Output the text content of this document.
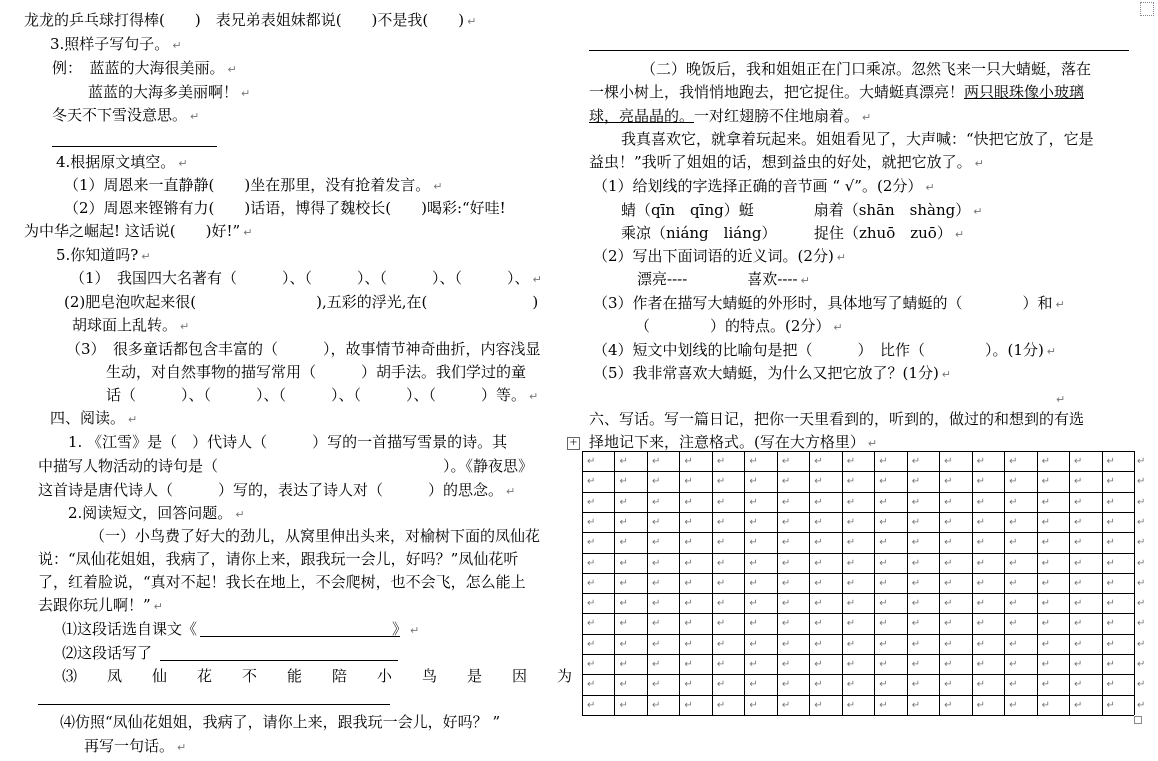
龙龙的乒乓球打得棒(　　)　表兄弟表姐妹都说(　　)不是我(　　) ↵
3.照样子写句子。 ↵
例：　蓝蓝的大海很美丽。 ↵
蓝蓝的大海多美丽啊！ ↵
冬天不下雪没意思。 ↵
4.根据原文填空。 ↵
（1）周恩来一直静静(　　)坐在那里，没有抢着发言。 ↵
（2）周恩来铿锵有力(　　)话语，博得了魏校长(　　)喝彩:“好哇!
为中华之崛起! 这话说(　　)好!” ↵
5.你知道吗? ↵
（1）　我国四大名著有（　　　）、（　　　）、（　　　）、（　　　）、 ↵
(2)肥皂泡吹起来很(　　　　　　　　),五彩的浮光,在(　　　　　　　)
胡球面上乱转。 ↵
（3）　很多童话都包含丰富的（　　　），故事情节神奇曲折，内容浅显
生动，对自然事物的描写常用（　　　）胡手法。我们学过的童
话（　　　）、（　　　）、（　　　）、（　　　）、（　　　）等。 ↵
四、阅读。 ↵
1. 《江雪》是（　）代诗人（　　　）写的一首描写雪景的诗。其
中描写人物活动的诗句是（　　　　　　　　　　　　　　　）。《静夜思》
这首诗是唐代诗人（　　　）写的，表达了诗人对（　　　）的思念。 ↵
2.阅读短文，回答问题。 ↵
（一）小鸟费了好大的劲儿，从窝里伸出头来，对榆树下面的凤仙花
说：“凤仙花姐姐，我病了，请你上来，跟我玩一会儿，好吗？”凤仙花听
了，红着脸说，“真对不起！我长在地上，不会爬树，也不会飞，怎么能上
去跟你玩儿啊！” ↵
⑴这段话选自课文《　　　　　　　　　　　　　》 ↵
⑵这段话写了
⑶　　凤　　仙　　花　　不　　能　　陪　　小　　鸟　　是　　因　　为
⑷仿照“凤仙花姐姐，我病了，请你上来，跟我玩一会儿，好吗？ ”
再写一句话。 ↵
（二）晚饭后，我和姐姐正在门口乘凉。忽然飞来一只大蜻蜓，落在
一棵小树上，我悄悄地跑去，把它捉住。大蜻蜓真漂亮！两只眼珠像小玻璃
球，亮晶晶的。一对红翅膀不住地扇着。 ↵
我真喜欢它，就拿着玩起来。姐姐看见了，大声喊：“快把它放了，它是
益虫！”我听了姐姐的话，想到益虫的好处，就把它放了。 ↵
（1）给划线的字选择正确的音节画 “ √”。(2分） ↵
蜻（qīn　qīng）蜓　　　　扇着（shān　shàng） ↵
乘凉（niáng　liáng）　　　捉住（zhuō　zuō） ↵
（2）写出下面词语的近义词。(2分) ↵
漂亮----　　　　喜欢---- ↵
（3）作者在描写大蜻蜓的外形时，具体地写了蜻蜓的（　　　　）和 ↵
（　　　　）的特点。(2分） ↵
（4）短文中划线的比喻句是把（　　　）　比作（　　　　）。(1分) ↵
（5）我非常喜欢大蜻蜓，为什么又把它放了？(1分) ↵
↵
六、写话。写一篇日记，把你一天里看到的，听到的，做过的和想到的有选
择地记下来，注意格式。(写在大方格里） ↵
+
↵ ↵ ↵ ↵ ↵ ↵ ↵ ↵ ↵ ↵ ↵ ↵ ↵ ↵ ↵ ↵ ↵ ↵
↵ ↵ ↵ ↵ ↵ ↵ ↵ ↵ ↵ ↵ ↵ ↵ ↵ ↵ ↵ ↵ ↵ ↵
↵ ↵ ↵ ↵ ↵ ↵ ↵ ↵ ↵ ↵ ↵ ↵ ↵ ↵ ↵ ↵ ↵ ↵
↵ ↵ ↵ ↵ ↵ ↵ ↵ ↵ ↵ ↵ ↵ ↵ ↵ ↵ ↵ ↵ ↵ ↵
↵ ↵ ↵ ↵ ↵ ↵ ↵ ↵ ↵ ↵ ↵ ↵ ↵ ↵ ↵ ↵ ↵ ↵
↵ ↵ ↵ ↵ ↵ ↵ ↵ ↵ ↵ ↵ ↵ ↵ ↵ ↵ ↵ ↵ ↵ ↵
↵ ↵ ↵ ↵ ↵ ↵ ↵ ↵ ↵ ↵ ↵ ↵ ↵ ↵ ↵ ↵ ↵ ↵
↵ ↵ ↵ ↵ ↵ ↵ ↵ ↵ ↵ ↵ ↵ ↵ ↵ ↵ ↵ ↵ ↵ ↵
↵ ↵ ↵ ↵ ↵ ↵ ↵ ↵ ↵ ↵ ↵ ↵ ↵ ↵ ↵ ↵ ↵ ↵
↵ ↵ ↵ ↵ ↵ ↵ ↵ ↵ ↵ ↵ ↵ ↵ ↵ ↵ ↵ ↵ ↵ ↵
↵ ↵ ↵ ↵ ↵ ↵ ↵ ↵ ↵ ↵ ↵ ↵ ↵ ↵ ↵ ↵ ↵ ↵
↵ ↵ ↵ ↵ ↵ ↵ ↵ ↵ ↵ ↵ ↵ ↵ ↵ ↵ ↵ ↵ ↵ ↵
↵ ↵ ↵ ↵ ↵ ↵ ↵ ↵ ↵ ↵ ↵ ↵ ↵ ↵ ↵ ↵ ↵ ↵
